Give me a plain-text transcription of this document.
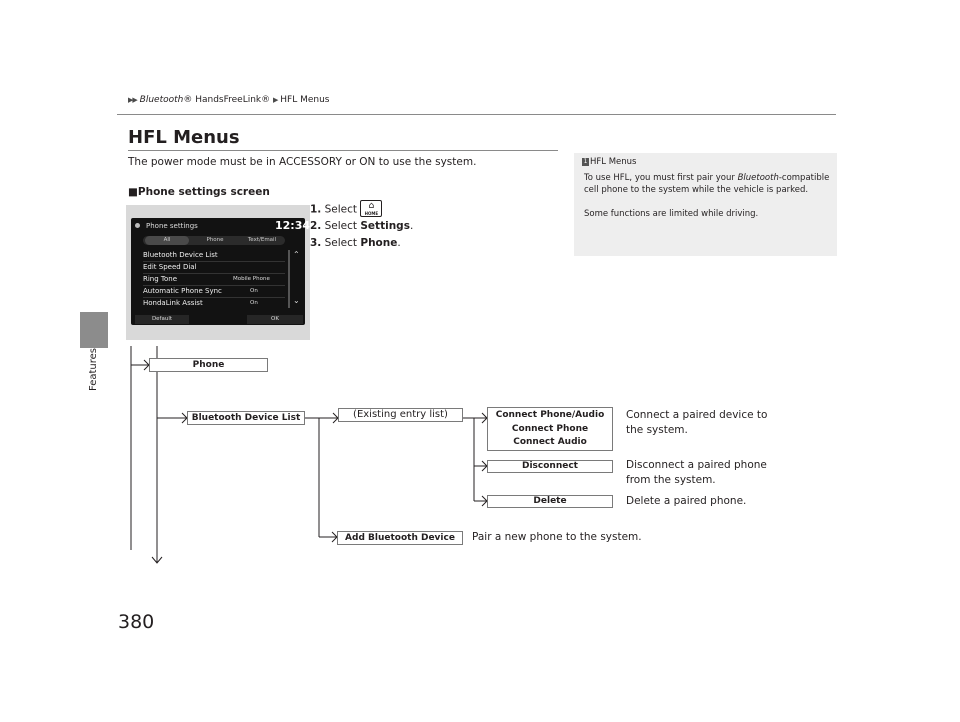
Features
380
▶▶ Bluetooth® HandsFreeLink® ▶ HFL Menus
HFL Menus
The power mode must be in ACCESSORY or ON to use the system.
■Phone settings screen
1. Select ⌂
HOME
2. Select Settings.
3. Select Phone.
Phone settings	12:34
All	Phone	Text/Email
Bluetooth Device List
Edit Speed Dial
Ring Tone	Mobile Phone
Automatic Phone Sync	On
HondaLink Assist	On
⌃
⌄
Default	OK
1 HFL Menus

To use HFL, you must first pair your Bluetooth-compatible cell phone to the system while the vehicle is parked.

Some functions are limited while driving.

Phone
Bluetooth Device List	(Existing entry list)	Connect Phone/Audio
Connect Phone
Connect Audio
Connect a paired device to the system.
Disconnect	Disconnect a paired phone from the system.
Delete	Delete a paired phone.
Add Bluetooth Device	Pair a new phone to the system.
